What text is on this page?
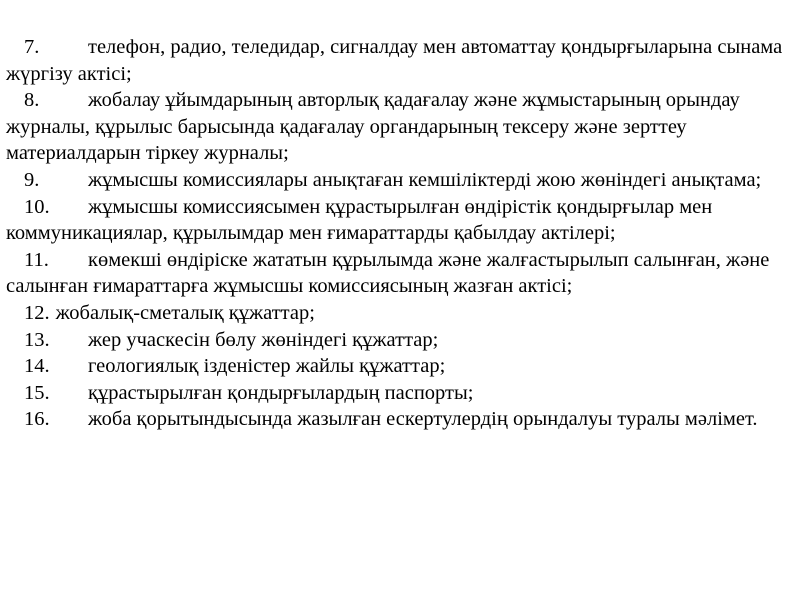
7. телефон, радио, теледидар, сигналдау мен автоматтау қондырғыларына сынама жүргізу актісі;

8. жобалау ұйымдарының авторлық қадағалау және жұмыстарының орындау журналы, құрылыс барысында қадағалау органдарының тексеру және зерттеу материалдарын тіркеу журналы;

9. жұмысшы комиссиялары анықтаған кемшіліктерді жою жөніндегі анықтама;

10. жұмысшы комиссиясымен құрастырылған өндірістік қондырғылар мен коммуникациялар, құрылымдар мен ғимараттарды қабылдау актілері;

11. көмекші өндіріске жататын құрылымда және жалғастырылып салынған, және салынған ғимараттарға жұмысшы комиссиясының жазған актісі;

12. жобалық-сметалық құжаттар;

13. жер учаскесін бөлу жөніндегі құжаттар;

14. геологиялық ізденістер жайлы құжаттар;

15. құрастырылған қондырғылардың паспорты;

16. жоба қорытындысында жазылған ескертулердің орындалуы туралы мәлімет.
